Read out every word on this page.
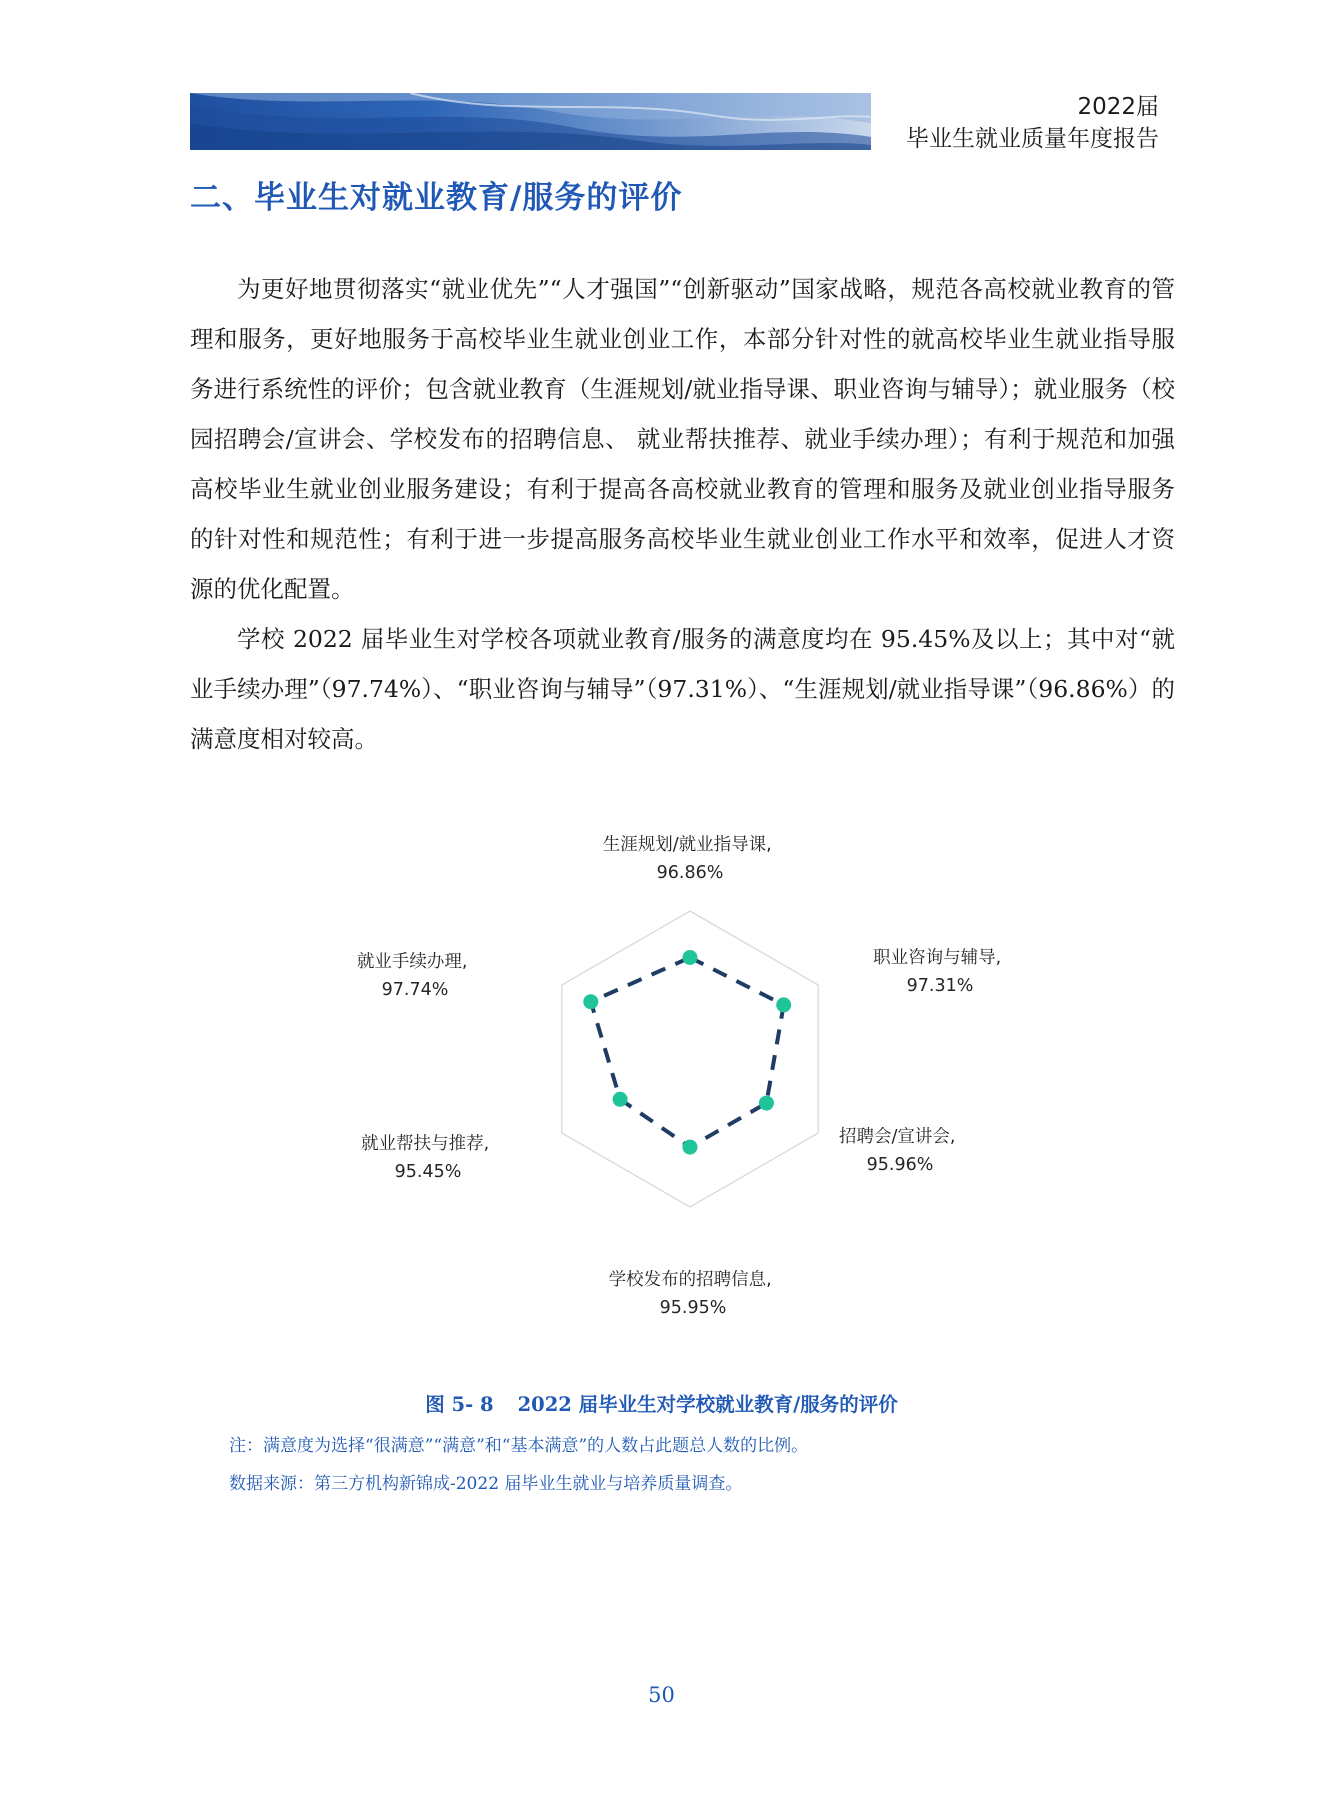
2022届
毕业生就业质量年度报告
二、毕业生对就业教育/服务的评价

为更好地贯彻落实“就业优先”“人才强国”“创新驱动”国家战略，规范各高校就业教育的管理和服务，更好地服务于高校毕业生就业创业工作，本部分针对性的就高校毕业生就业指导服务进行系统性的评价；包含就业教育（生涯规划/就业指导课、职业咨询与辅导）；就业服务（校园招聘会/宣讲会、学校发布的招聘信息、 就业帮扶推荐、就业手续办理）；有利于规范和加强高校毕业生就业创业服务建设；有利于提高各高校就业教育的管理和服务及就业创业指导服务的针对性和规范性；有利于进一步提高服务高校毕业生就业创业工作水平和效率，促进人才资源的优化配置。

学校 2022 届毕业生对学校各项就业教育/服务的满意度均在 95.45%及以上；其中对“就业手续办理”（97.74%）、“职业咨询与辅导”（97.31%）、“生涯规划/就业指导课”（96.86%）的满意度相对较高。

生涯规划/就业指导课, 96.86%
职业咨询与辅导, 97.31%
招聘会/宣讲会, 95.96%
学校发布的招聘信息, 95.95%
就业帮扶与推荐, 95.45%
就业手续办理, 97.74%
图 5- 8 2022 届毕业生对学校就业教育/服务的评价
注：满意度为选择“很满意”“满意”和“基本满意”的人数占此题总人数的比例。
数据来源：第三方机构新锦成-2022 届毕业生就业与培养质量调查。
50
